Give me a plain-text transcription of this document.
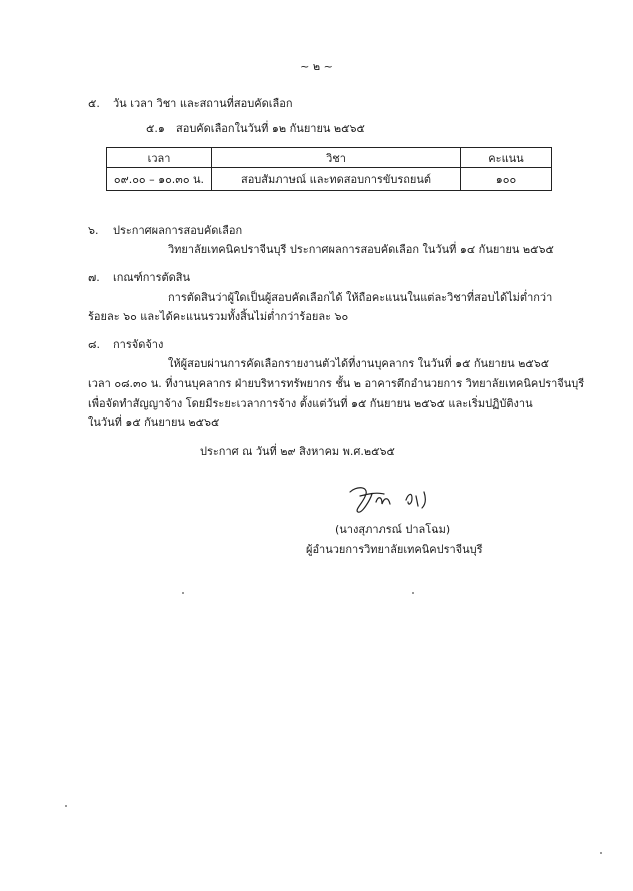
~ ๒ ~
๕. วัน เวลา วิชา และสถานที่สอบคัดเลือก
๕.๑ สอบคัดเลือกในวันที่ ๑๒ กันยายน ๒๕๖๕
เวลา	วิชา	คะแนน
๐๙.๐๐ – ๑๐.๓๐ น.	สอบสัมภาษณ์ และทดสอบการขับรถยนต์	๑๐๐
๖. ประกาศผลการสอบคัดเลือก
วิทยาลัยเทคนิคปราจีนบุรี ประกาศผลการสอบคัดเลือก ในวันที่ ๑๔ กันยายน ๒๕๖๕
๗. เกณฑ์การตัดสิน
การตัดสินว่าผู้ใดเป็นผู้สอบคัดเลือกได้ ให้ถือคะแนนในแต่ละวิชาที่สอบได้ไม่ต่ำกว่า
ร้อยละ ๖๐ และได้คะแนนรวมทั้งสิ้นไม่ต่ำกว่าร้อยละ ๖๐
๘. การจัดจ้าง
ให้ผู้สอบผ่านการคัดเลือกรายงานตัวได้ที่งานบุคลากร ในวันที่ ๑๕ กันยายน ๒๕๖๕
เวลา ๐๘.๓๐ น. ที่งานบุคลากร ฝ่ายบริหารทรัพยากร ชั้น ๒ อาคารตึกอำนวยการ วิทยาลัยเทคนิคปราจีนบุรี
เพื่อจัดทำสัญญาจ้าง โดยมีระยะเวลาการจ้าง ตั้งแต่วันที่ ๑๕ กันยายน ๒๕๖๕ และเริ่มปฏิบัติงาน
ในวันที่ ๑๕ กันยายน ๒๕๖๕
ประกาศ ณ วันที่ ๒๙ สิงหาคม พ.ศ.๒๕๖๕
(นางสุภาภรณ์ ปาลโฉม)
ผู้อำนวยการวิทยาลัยเทคนิคปราจีนบุรี
